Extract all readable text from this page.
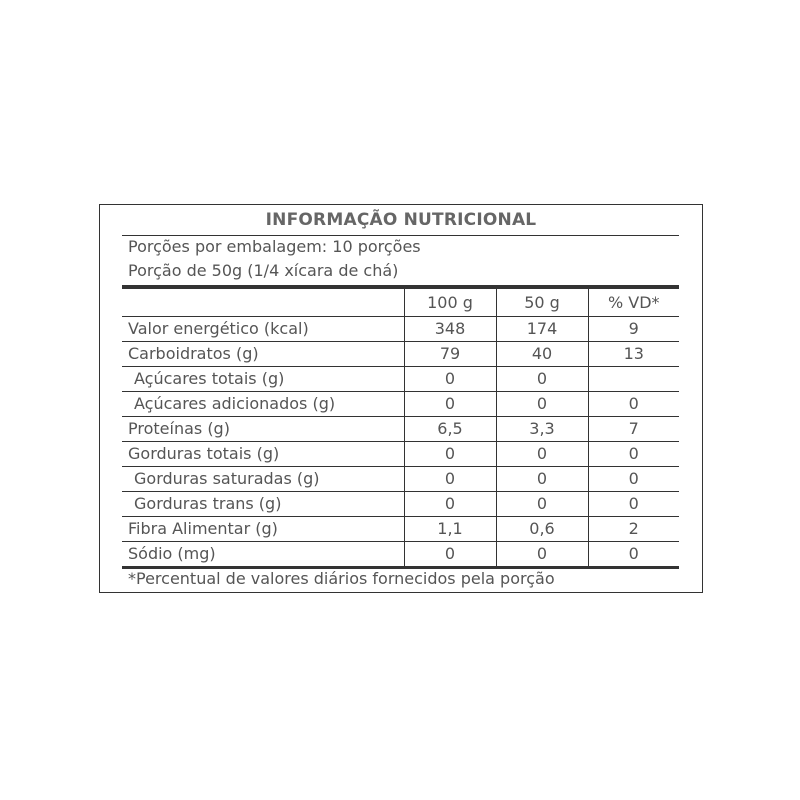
INFORMAÇÃO NUTRICIONAL
Porções por embalagem: 10 porções
Porção de 50g (1/4 xícara de chá)
	100 g	50 g	% VD*
Valor energético (kcal)	348	174	9
Carboidratos (g)	79	40	13
Açúcares totais (g)	0	0	
Açúcares adicionados (g)	0	0	0
Proteínas (g)	6,5	3,3	7
Gorduras totais (g)	0	0	0
Gorduras saturadas (g)	0	0	0
Gorduras trans (g)	0	0	0
Fibra Alimentar (g)	1,1	0,6	2
Sódio (mg)	0	0	0
*Percentual de valores diários fornecidos pela porção
